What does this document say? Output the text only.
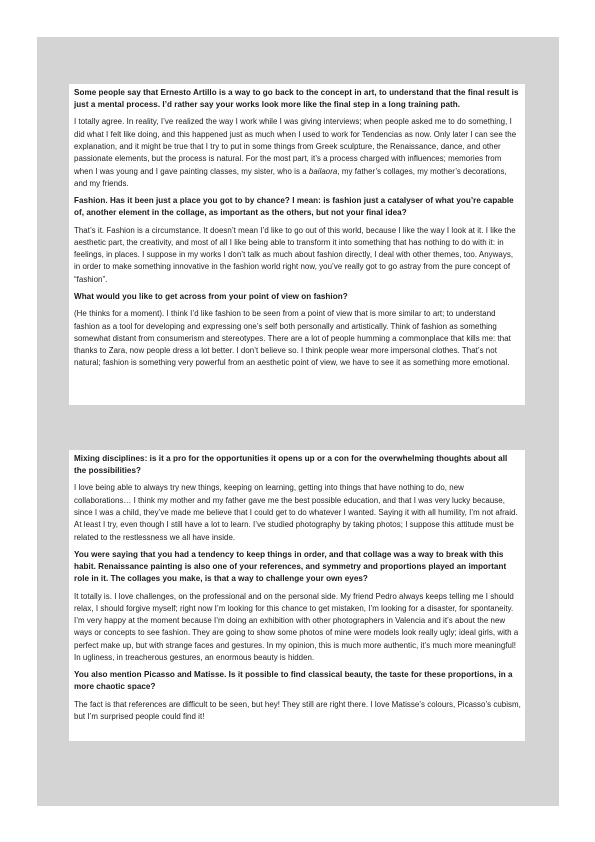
Some people say that Ernesto Artillo is a way to go back to the concept in art, to understand that the final result is just a mental process. I’d rather say your works look more like the final step in a long training path.

I totally agree. In reality, I’ve realized the way I work while I was giving interviews; when people asked me to do something, I did what I felt like doing, and this happened just as much when I used to work for Tendencias as now. Only later I can see the explanation, and it might be true that I try to put in some things from Greek sculpture, the Renaissance, dance, and other passionate elements, but the process is natural. For the most part, it’s a process charged with influences; memories from when I was young and I gave painting classes, my sister, who is a bailaora, my father’s collages, my mother’s decorations, and my friends.

Fashion. Has it been just a place you got to by chance? I mean: is fashion just a catalyser of what you’re capable of, another element in the collage, as important as the others, but not your final idea?

That’s it. Fashion is a circumstance. It doesn’t mean I’d like to go out of this world, because I like the way I look at it. I like the aesthetic part, the creativity, and most of all I like being able to transform it into something that has nothing to do with it: in feelings, in places. I suppose in my works I don’t talk as much about fashion directly, I deal with other themes, too. Anyways, in order to make something innovative in the fashion world right now, you’ve really got to go astray from the pure concept of “fashion”.

What would you like to get across from your point of view on fashion?

(He thinks for a moment). I think I’d like fashion to be seen from a point of view that is more similar to art; to understand fashion as a tool for developing and expressing one’s self both personally and artistically. Think of fashion as something somewhat distant from consumerism and stereotypes. There are a lot of people humming a commonplace that kills me: that thanks to Zara, now people dress a lot better. I don’t believe so. I think people wear more impersonal clothes. That’s not natural; fashion is something very powerful from an aesthetic point of view, we have to see it as something more emotional.

Mixing disciplines: is it a pro for the opportunities it opens up or a con for the overwhelming thoughts about all the possibilities?

I love being able to always try new things, keeping on learning, getting into things that have nothing to do, new collaborations… I think my mother and my father gave me the best possible education, and that I was very lucky because, since I was a child, they’ve made me believe that I could get to do whatever I wanted. Saying it with all humility, I’m not afraid. At least I try, even though I still have a lot to learn. I’ve studied photography by taking photos; I suppose this attitude must be related to the restlessness we all have inside.

You were saying that you had a tendency to keep things in order, and that collage was a way to break with this habit. Renaissance painting is also one of your references, and symmetry and proportions played an important role in it. The collages you make, is that a way to challenge your own eyes?

It totally is. I love challenges, on the professional and on the personal side. My friend Pedro always keeps telling me I should relax, I should forgive myself; right now I’m looking for this chance to get mistaken, I’m looking for a disaster, for spontaneity. I’m very happy at the moment because I’m doing an exhibition with other photographers in Valencia and it’s about the new ways or concepts to see fashion. They are going to show some photos of mine were models look really ugly; ideal girls, with a perfect make up, but with strange faces and gestures. In my opinion, this is much more authentic, it’s much more meaningful! In ugliness, in treacherous gestures, an enormous beauty is hidden.

You also mention Picasso and Matisse. Is it possible to find classical beauty, the taste for these proportions, in a more chaotic space?

The fact is that references are difficult to be seen, but hey! They still are right there. I love Matisse’s colours, Picasso’s cubism, but I’m surprised people could find it!
